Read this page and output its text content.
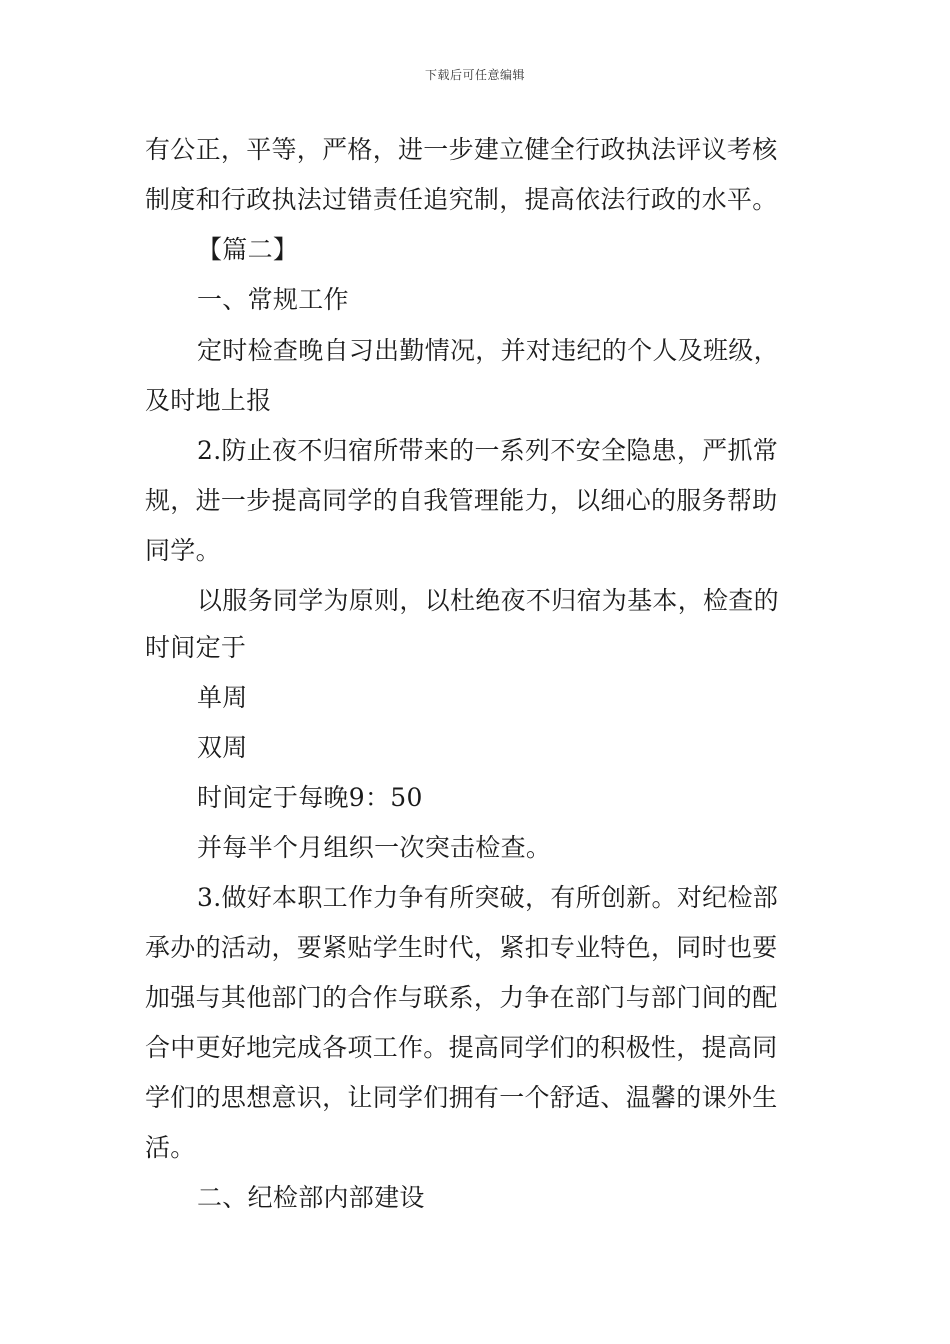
下载后可任意编辑
有公正，平等，严格，进一步建立健全行政执法评议考核
制度和行政执法过错责任追究制，提高依法行政的水平。
【篇二】
一、常规工作
定时检查晚自习出勤情况，并对违纪的个人及班级，
及时地上报
2.防止夜不归宿所带来的一系列不安全隐患，严抓常
规，进一步提高同学的自我管理能力，以细心的服务帮助
同学。
以服务同学为原则，以杜绝夜不归宿为基本，检查的
时间定于
单周
双周
时间定于每晚9：50
并每半个月组织一次突击检查。
3.做好本职工作力争有所突破，有所创新。对纪检部
承办的活动，要紧贴学生时代，紧扣专业特色，同时也要
加强与其他部门的合作与联系，力争在部门与部门间的配
合中更好地完成各项工作。提高同学们的积极性，提高同
学们的思想意识，让同学们拥有一个舒适、温馨的课外生
活。
二、纪检部内部建设
